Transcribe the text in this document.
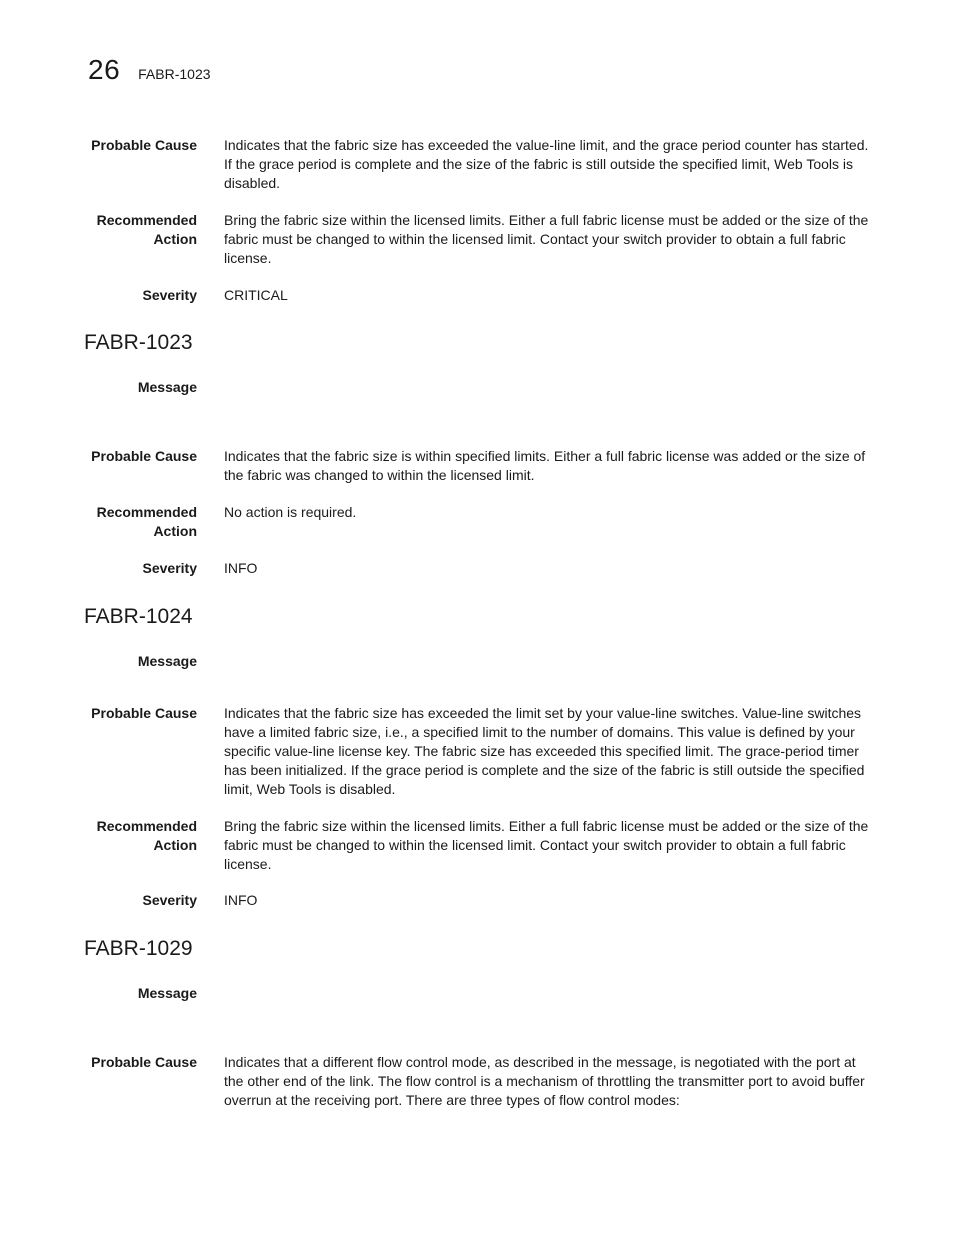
26 FABR-1023
Probable Cause Indicates that the fabric size has exceeded the value-line limit, and the grace period counter has started. If the grace period is complete and the size of the fabric is still outside the specified limit, Web Tools is disabled.
Recommended
Action
Bring the fabric size within the licensed limits. Either a full fabric license must be added or the size of the fabric must be changed to within the licensed limit. Contact your switch provider to obtain a full fabric license.
Severity CRITICAL
FABR-1023
Message
Probable Cause Indicates that the fabric size is within specified limits. Either a full fabric license was added or the size of the fabric was changed to within the licensed limit.
Recommended
Action
No action is required.
Severity INFO
FABR-1024
Message
Probable Cause Indicates that the fabric size has exceeded the limit set by your value-line switches. Value-line switches have a limited fabric size, i.e., a specified limit to the number of domains. This value is defined by your specific value-line license key. The fabric size has exceeded this specified limit. The grace-period timer has been initialized. If the grace period is complete and the size of the fabric is still outside the specified limit, Web Tools is disabled.
Recommended
Action
Bring the fabric size within the licensed limits. Either a full fabric license must be added or the size of the fabric must be changed to within the licensed limit. Contact your switch provider to obtain a full fabric license.
Severity INFO
FABR-1029
Message
Probable Cause Indicates that a different flow control mode, as described in the message, is negotiated with the port at the other end of the link. The flow control is a mechanism of throttling the transmitter port to avoid buffer overrun at the receiving port. There are three types of flow control modes:
